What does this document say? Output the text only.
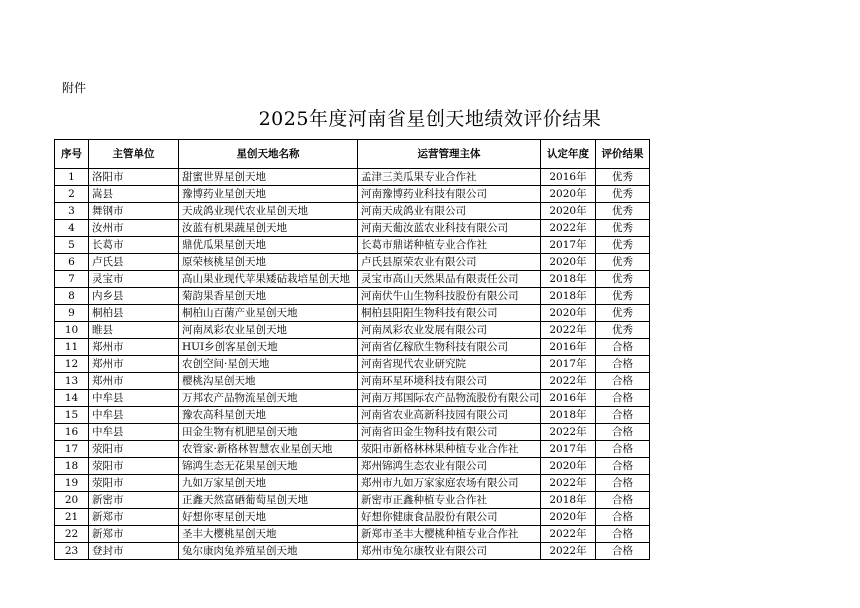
附件
2025年度河南省星创天地绩效评价结果
序号	主管单位	星创天地名称	运营管理主体	认定年度	评价结果
1	洛阳市	甜蜜世界星创天地	孟津三美瓜果专业合作社	2016年	优秀
2	嵩县	豫博药业星创天地	河南豫博药业科技有限公司	2020年	优秀
3	舞钢市	天成鸽业现代农业星创天地	河南天成鸽业有限公司	2020年	优秀
4	汝州市	汝蓝有机果蔬星创天地	河南天葡汝蓝农业科技有限公司	2022年	优秀
5	长葛市	鼎优瓜果星创天地	长葛市鼎诺种植专业合作社	2017年	优秀
6	卢氏县	原荣核桃星创天地	卢氏县原荣农业有限公司	2020年	优秀
7	灵宝市	高山果业现代苹果矮砧栽培星创天地	灵宝市高山天然果品有限责任公司	2018年	优秀
8	内乡县	菊韵果香星创天地	河南伏牛山生物科技股份有限公司	2018年	优秀
9	桐柏县	桐柏山百菌产业星创天地	桐柏县阳阳生物科技有限公司	2020年	优秀
10	睢县	河南凤彩农业星创天地	河南凤彩农业发展有限公司	2022年	优秀
11	郑州市	HUI乡创客星创天地	河南省亿稼欣生物科技有限公司	2016年	合格
12	郑州市	农创空间·星创天地	河南省现代农业研究院	2017年	合格
13	郑州市	樱桃沟星创天地	河南环星环境科技有限公司	2022年	合格
14	中牟县	万邦农产品物流星创天地	河南万邦国际农产品物流股份有限公司	2016年	合格
15	中牟县	豫农高科星创天地	河南省农业高新科技园有限公司	2018年	合格
16	中牟县	田金生物有机肥星创天地	河南省田金生物科技有限公司	2022年	合格
17	荥阳市	农管家·新格林智慧农业星创天地	荥阳市新格林林果种植专业合作社	2017年	合格
18	荥阳市	锦鸿生态无花果星创天地	郑州锦鸿生态农业有限公司	2020年	合格
19	荥阳市	九如万家星创天地	郑州市九如万家家庭农场有限公司	2022年	合格
20	新密市	正鑫天然富硒葡萄星创天地	新密市正鑫种植专业合作社	2018年	合格
21	新郑市	好想你枣星创天地	好想你健康食品股份有限公司	2020年	合格
22	新郑市	圣丰大樱桃星创天地	新郑市圣丰大樱桃种植专业合作社	2022年	合格
23	登封市	兔尔康肉兔养殖星创天地	郑州市兔尔康牧业有限公司	2022年	合格
